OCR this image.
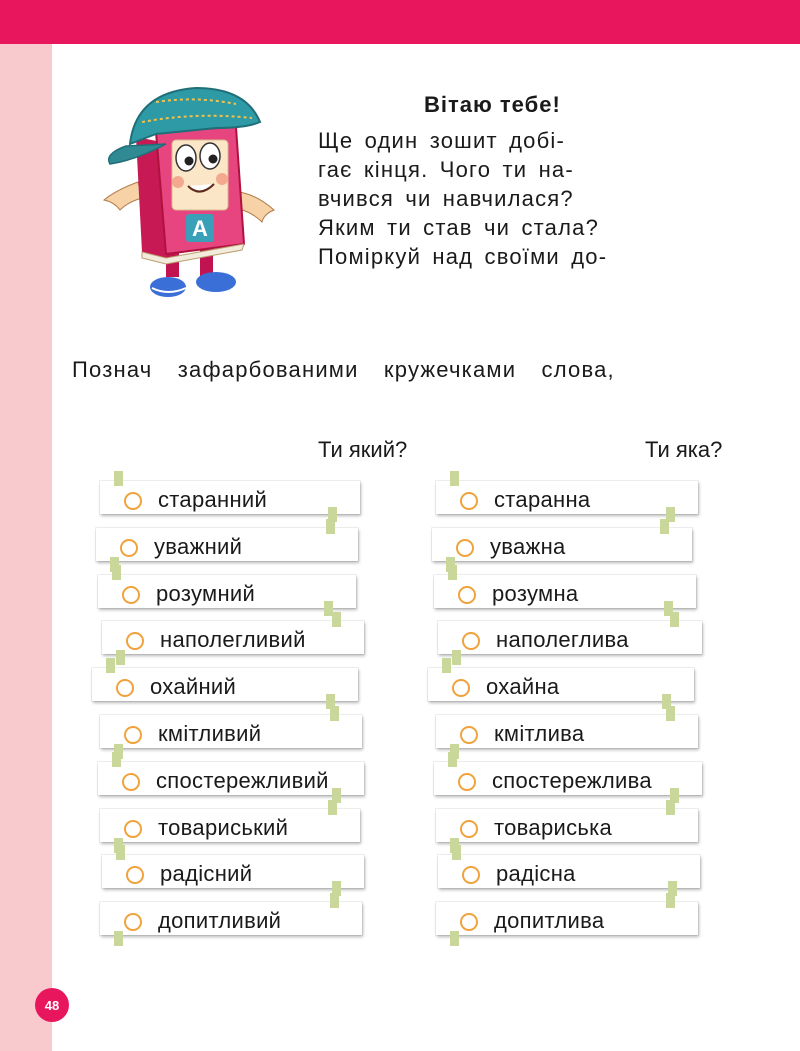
А
Вітаю тебе!
Ще один зошит добі-
гає кінця. Чого ти на-
вчився чи навчилася?
Яким ти став чи стала?
Поміркуй над своїми до-
Познач зафарбованими кружечками слова,
Ти який?	Ти яка?
старанний
уважний
розумний
наполегливий
охайний
кмітливий
спостережливий
товариський
радісний
допитливий
старанна
уважна
розумна
наполеглива
охайна
кмітлива
спостережлива
товариська
радісна
допитлива
48
